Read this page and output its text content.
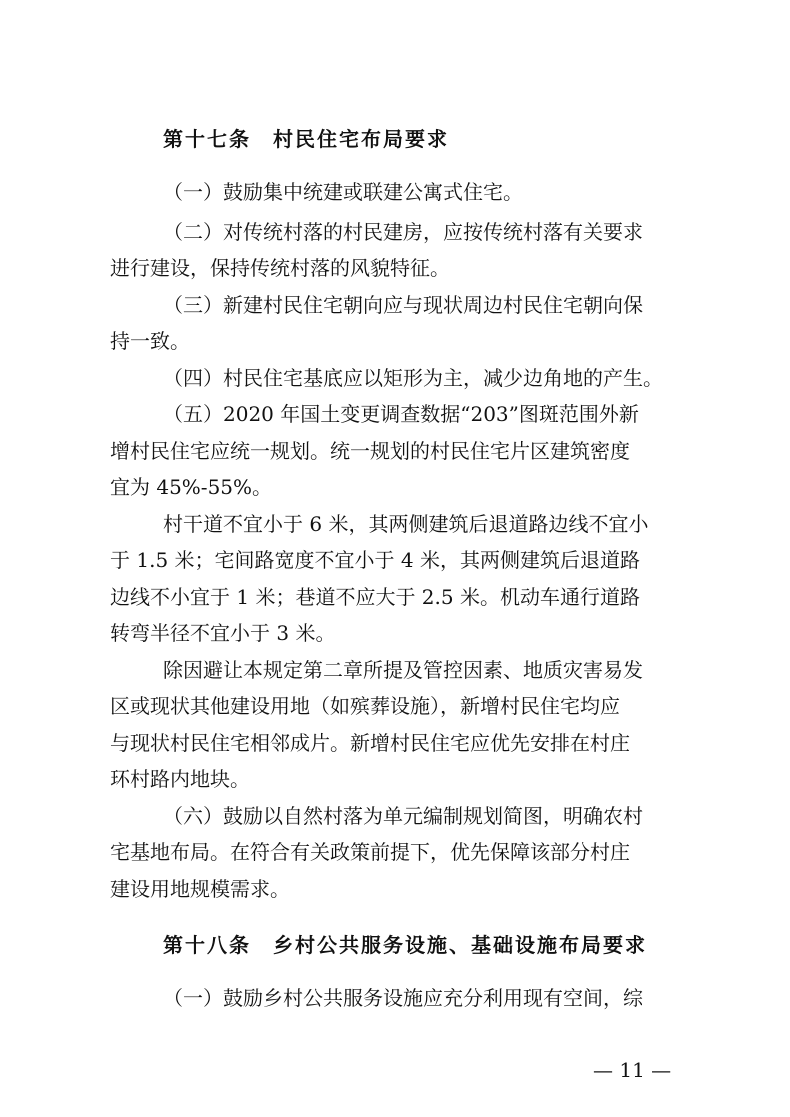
第十七条　村民住宅布局要求

（一）鼓励集中统建或联建公寓式住宅。

（二）对传统村落的村民建房，应按传统村落有关要求

进行建设，保持传统村落的风貌特征。

（三）新建村民住宅朝向应与现状周边村民住宅朝向保

持一致。

（四）村民住宅基底应以矩形为主，减少边角地的产生。

（五）2020 年国土变更调查数据“203”图斑范围外新

增村民住宅应统一规划。统一规划的村民住宅片区建筑密度

宜为 45%-55%。

村干道不宜小于 6 米，其两侧建筑后退道路边线不宜小

于 1.5 米；宅间路宽度不宜小于 4 米，其两侧建筑后退道路

边线不小宜于 1 米；巷道不应大于 2.5 米。机动车通行道路

转弯半径不宜小于 3 米。

除因避让本规定第二章所提及管控因素、地质灾害易发

区或现状其他建设用地（如殡葬设施），新增村民住宅均应

与现状村民住宅相邻成片。新增村民住宅应优先安排在村庄

环村路内地块。

（六）鼓励以自然村落为单元编制规划简图，明确农村

宅基地布局。在符合有关政策前提下，优先保障该部分村庄

建设用地规模需求。

第十八条　乡村公共服务设施、基础设施布局要求

（一）鼓励乡村公共服务设施应充分利用现有空间，综

— 11 —
